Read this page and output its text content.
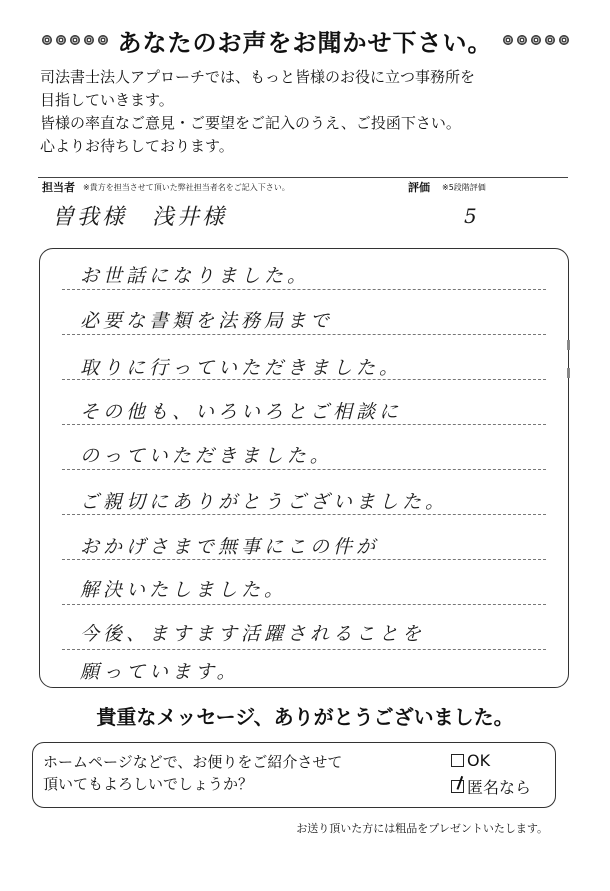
あなたのお声をお聞かせ下さい。

司法書士法人アプローチでは、もっと皆様のお役に立つ事務所を

目指していきます。

皆様の率直なご意見・ご要望をご記入のうえ、ご投函下さい。

心よりお待ちしております。

担当者 ※貴方を担当させて頂いた弊社担当者名をご記入下さい。	評価 ※5段階評価
曽我様　浅井様	5
お世話になりました。
必要な書類を法務局まで
取りに行っていただきました。
その他も、いろいろとご相談に
のっていただきました。
ご親切にありがとうございました。
おかげさまで無事にこの件が
解決いたしました。
今後、ますます活躍されることを
願っています。
貴重なメッセージ、ありがとうございました。

ホームページなどで、お便りをご紹介させて

頂いてもよろしいでしょうか？

OK
匿名なら
お送り頂いた方には粗品をプレゼントいたします。
